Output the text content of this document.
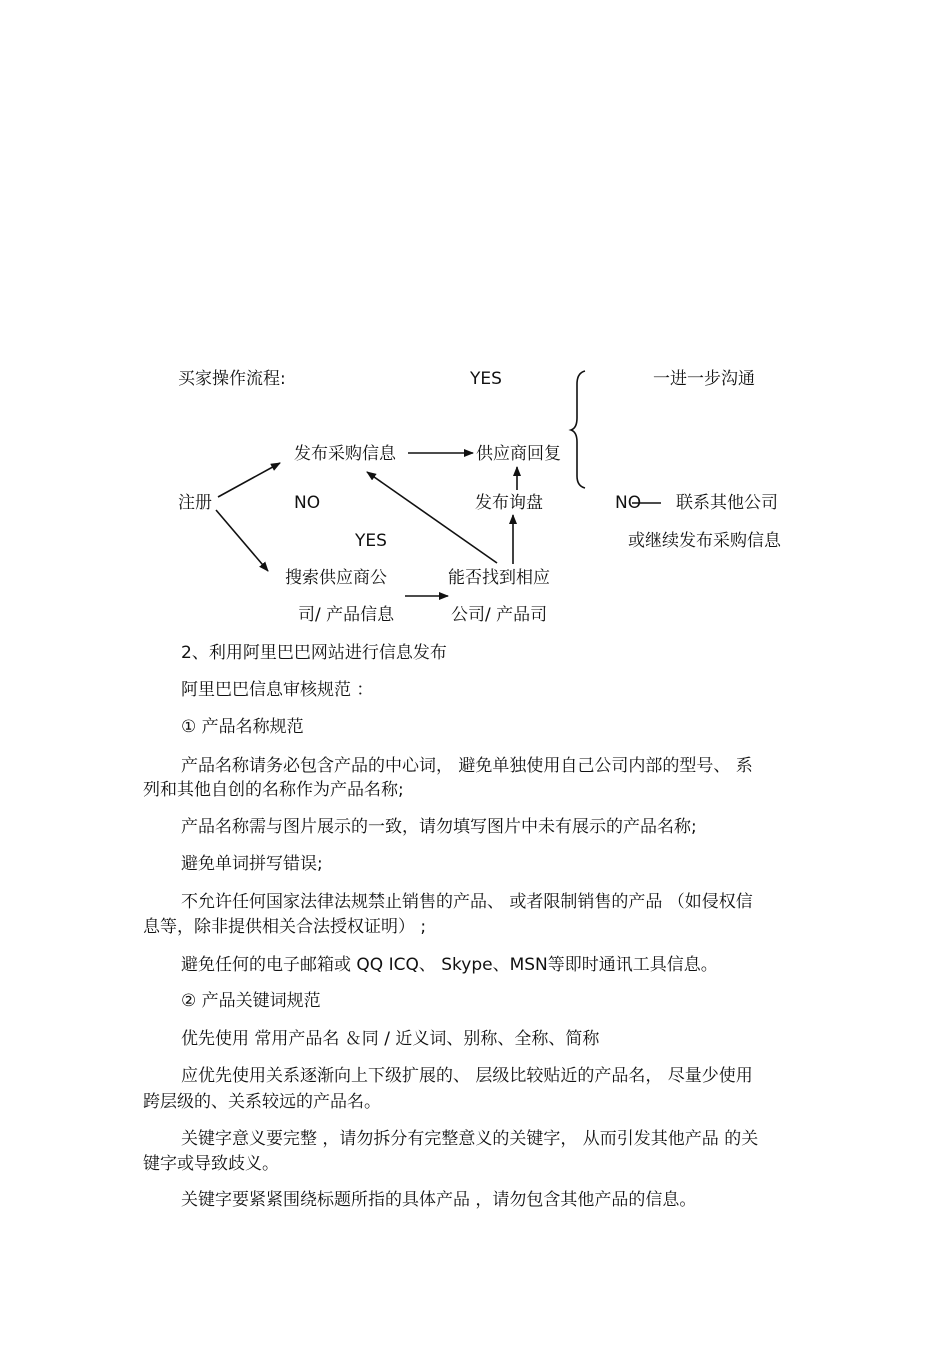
买家操作流程:	YES	一进一步沟通
发布采购信息	供应商回复
注册	NO	发布询盘	NO 联系其他公司
YES	或继续发布采购信息
搜索供应商公
司/ 产品信息
能否找到相应
公司/ 产品司
2、利用阿里巴巴网站进行信息发布
阿里巴巴信息审核规范 ：
① 产品名称规范
产品名称请务必包含产品的中心词， 避免单独使用自己公司内部的型号、 系
列和其他自创的名称作为产品名称;
产品名称需与图片展示的一致，请勿填写图片中未有展示的产品名称;
避免单词拼写错误;
不允许任何国家法律法规禁止销售的产品、 或者限制销售的产品 （如侵权信
息等，除非提供相关合法授权证明） ;
避免任何的电子邮箱或 QQ ICQ、 Skype、MSN等即时通讯工具信息。
② 产品关键词规范
优先使用 常用产品名 ＆同 / 近义词、别称、全称、简称
应优先使用关系逐渐向上下级扩展的、 层级比较贴近的产品名， 尽量少使用
跨层级的、关系较远的产品名。
关键字意义要完整 ，请勿拆分有完整意义的关键字， 从而引发其他产品 的关
键字或导致歧义。
关键字要紧紧围绕标题所指的具体产品 ，请勿包含其他产品的信息。
